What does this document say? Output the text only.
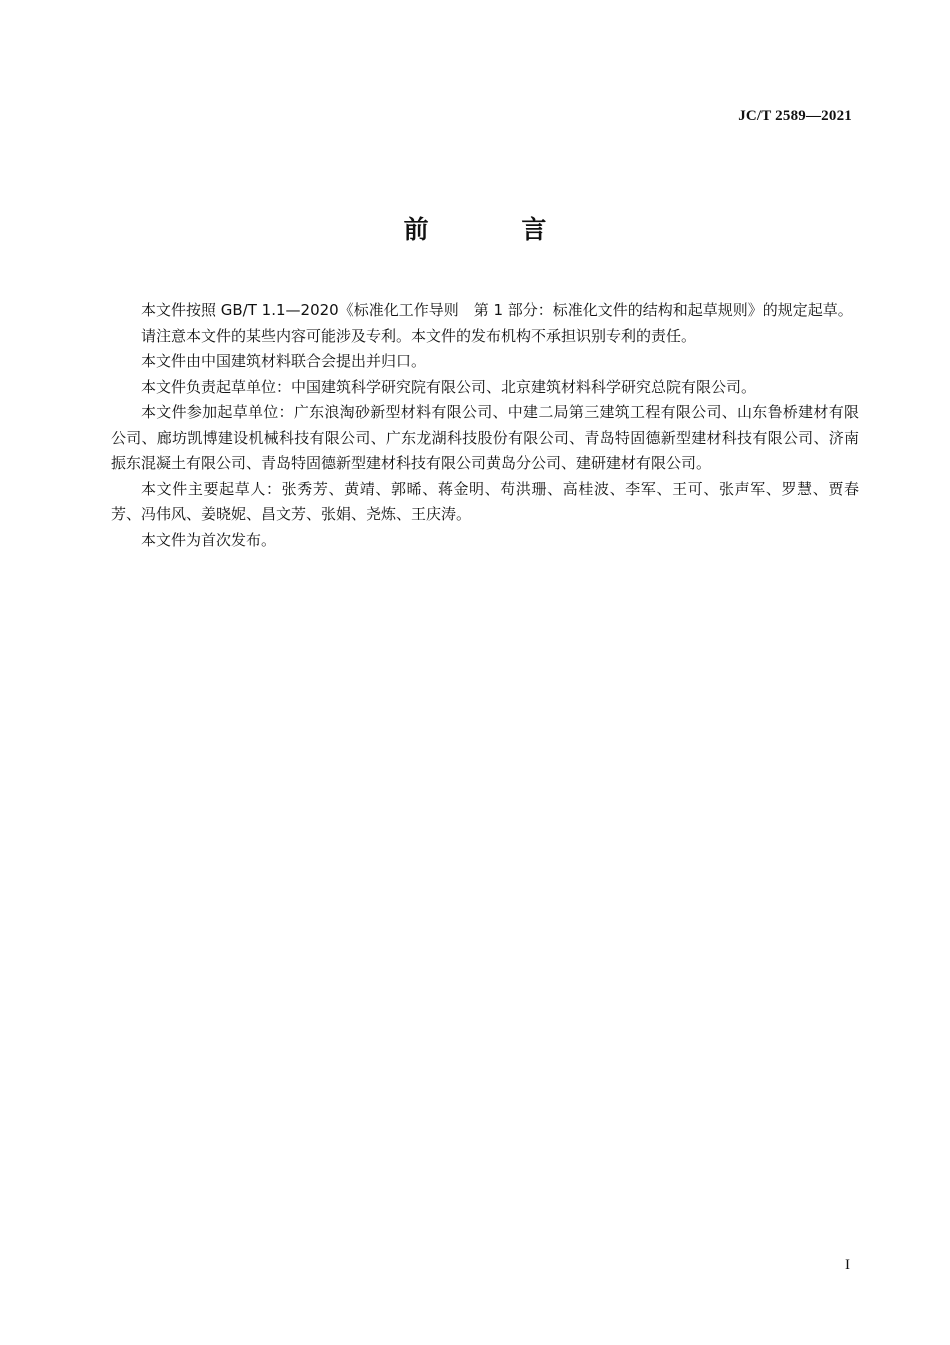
JC/T 2589—2021
前 言

本文件按照 GB/T 1.1—2020《标准化工作导则　第 1 部分：标准化文件的结构和起草规则》的规定起草。

请注意本文件的某些内容可能涉及专利。本文件的发布机构不承担识别专利的责任。

本文件由中国建筑材料联合会提出并归口。

本文件负责起草单位：中国建筑科学研究院有限公司、北京建筑材料科学研究总院有限公司。

本文件参加起草单位：广东浪淘砂新型材料有限公司、中建二局第三建筑工程有限公司、山东鲁桥建材有限公司、廊坊凯博建设机械科技有限公司、广东龙湖科技股份有限公司、青岛特固德新型建材科技有限公司、济南振东混凝土有限公司、青岛特固德新型建材科技有限公司黄岛分公司、建研建材有限公司。

本文件主要起草人：张秀芳、黄靖、郭晞、蒋金明、苟洪珊、高桂波、李军、王可、张声军、罗慧、贾春芳、冯伟风、姜晓妮、昌文芳、张娟、尧炼、王庆涛。

本文件为首次发布。

I
